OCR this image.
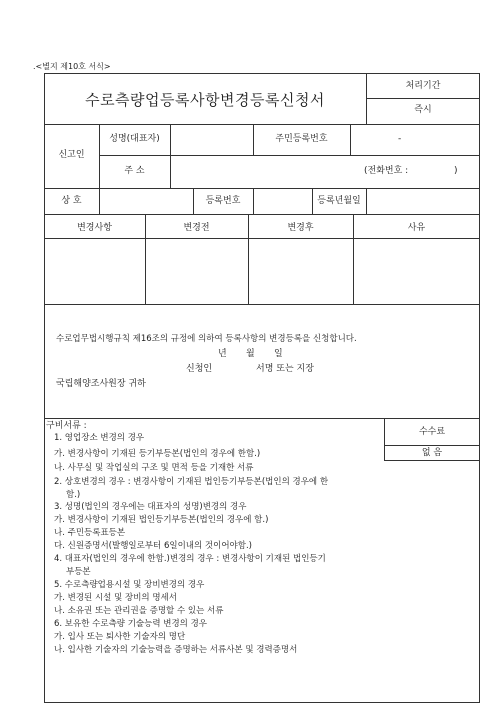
.<별지 제10호 서식>
수로측량업등록사항변경등록신청서
처리기간
즉시
신고인
성명(대표자)	주민등록번호	-
주 소	(전화번호 :	)
상 호	등록번호	등록년월일
변경사항	변경전	변경후	사유
수로업무법시행규칙 제16조의 규정에 의하여 등록사항의 변경등록을 신청합니다.
년 월 일
신청인	서명 또는 지장
국립해양조사원장 귀하
구비서류 :
수수료
없 음
1. 영업장소 변경의 경우
가. 변경사항이 기재된 등기부등본(법인의 경우에 한함.)
나. 사무실 및 작업실의 구조 및 면적 등을 기재한 서류
2. 상호변경의 경우 : 변경사항이 기재된 법인등기부등본(법인의 경우에 한
함.)
3. 성명(법인의 경우에는 대표자의 성명)변경의 경우
가. 변경사항이 기재된 법인등기부등본(법인의 경우에 함.)
나. 주민등록표등본
다. 신원증명서(발행일로부터 6일이내의 것이어야함.)
4. 대표자(법인의 경우에 한함.)변경의 경우 : 변경사항이 기재된 법인등기
부등본
5. 수로측량업용시설 및 장비변경의 경우
가. 변경된 시설 및 장비의 명세서
나. 소유권 또는 관리권을 증명할 수 있는 서류
6. 보유한 수로측량 기술능력 변경의 경우
가. 입사 또는 퇴사한 기술자의 명단
나. 입사한 기술자의 기술능력을 증명하는 서류사본 및 경력증명서
